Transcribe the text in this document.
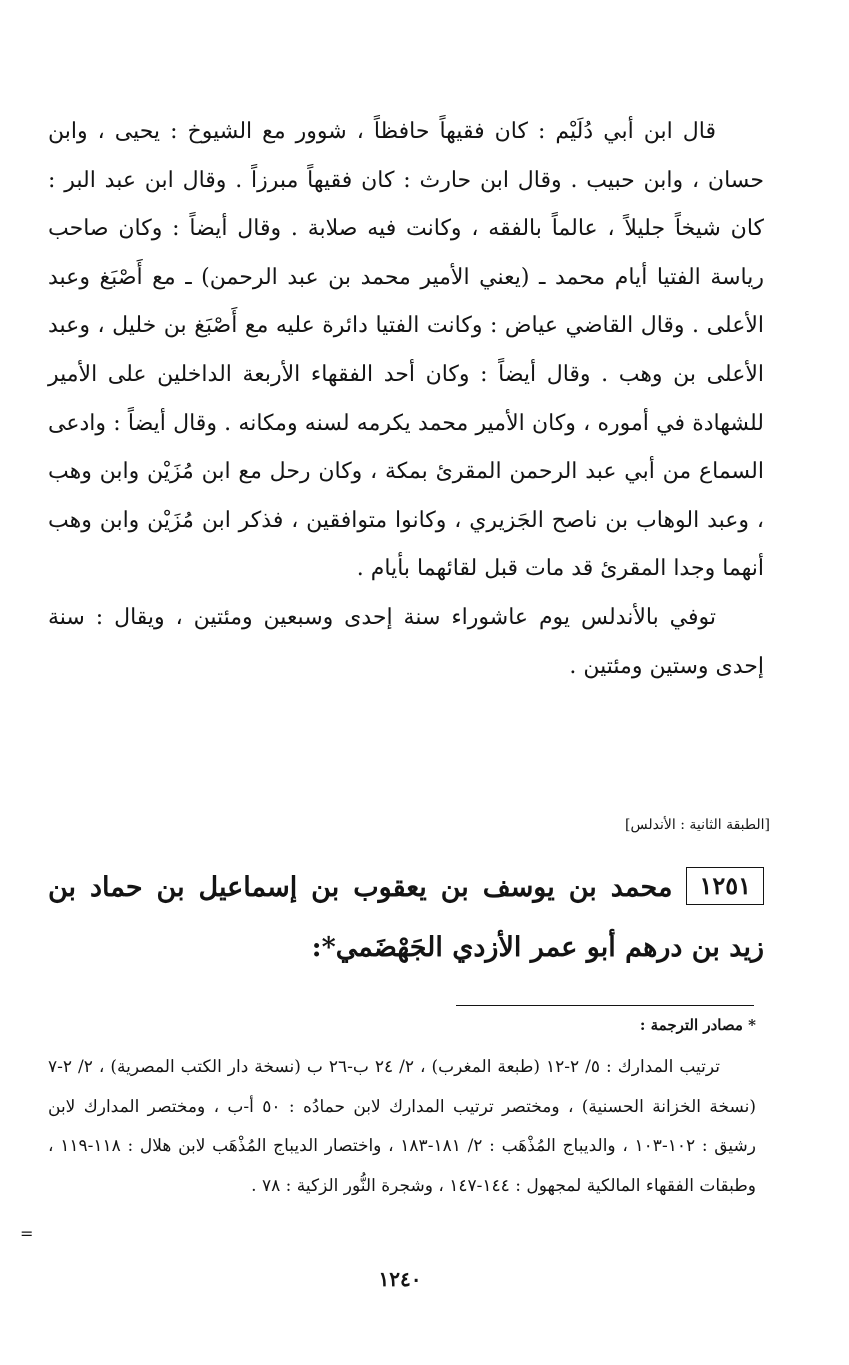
قال ابن أبي دُلَيْم : كان فقيهاً حافظاً ، شوور مع الشيوخ : يحيى ، وابن حسان ، وابن حبيب . وقال ابن حارث : كان فقيهاً مبرزاً . وقال ابن عبد البر : كان شيخاً جليلاً ، عالماً بالفقه ، وكانت فيه صلابة . وقال أيضاً : وكان صاحب رياسة الفتيا أيام محمد ـ (يعني الأمير محمد بن عبد الرحمن) ـ مع أَصْبَغ وعبد الأعلى . وقال القاضي عياض : وكانت الفتيا دائرة عليه مع أَصْبَغ بن خليل ، وعبد الأعلى بن وهب . وقال أيضاً : وكان أحد الفقهاء الأربعة الداخلين على الأمير للشهادة في أموره ، وكان الأمير محمد يكرمه لسنه ومكانه . وقال أيضاً : وادعى السماع من أبي عبد الرحمن المقرئ بمكة ، وكان رحل مع ابن مُزَيْن وابن وهب ، وعبد الوهاب بن ناصح الجَزيري ، وكانوا متوافقين ، فذكر ابن مُزَيْن وابن وهب أنهما وجدا المقرئ قد مات قبل لقائهما بأيام .

توفي بالأندلس يوم عاشوراء سنة إحدى وسبعين ومئتين ، ويقال : سنة إحدى وستين ومئتين .

[الطبقة الثانية : الأندلس]
١٢٥١محمد بن يوسف بن يعقوب بن إسماعيل بن حماد بن زيد بن درهم أبو عمر الأزدي الجَهْضَمي*:
* مصادر الترجمة :

ترتيب المدارك : ٥/ ٢-١٢ (طبعة المغرب) ، ٢/ ٢٤ ب-٢٦ ب (نسخة دار الكتب المصرية) ، ٢/ ٢-٧ (نسخة الخزانة الحسنية) ، ومختصر ترتيب المدارك لابن حمادُه : ٥٠ أ-ب ، ومختصر المدارك لابن رشيق : ١٠٢-١٠٣ ، والديباج المُذْهَب : ٢/ ١٨١-١٨٣ ، واختصار الديباج المُذْهَب لابن هلال : ١١٨-١١٩ ، وطبقات الفقهاء المالكية لمجهول : ١٤٤-١٤٧ ، وشجرة النُّور الزكية : ٧٨ .

=
١٢٤٠
